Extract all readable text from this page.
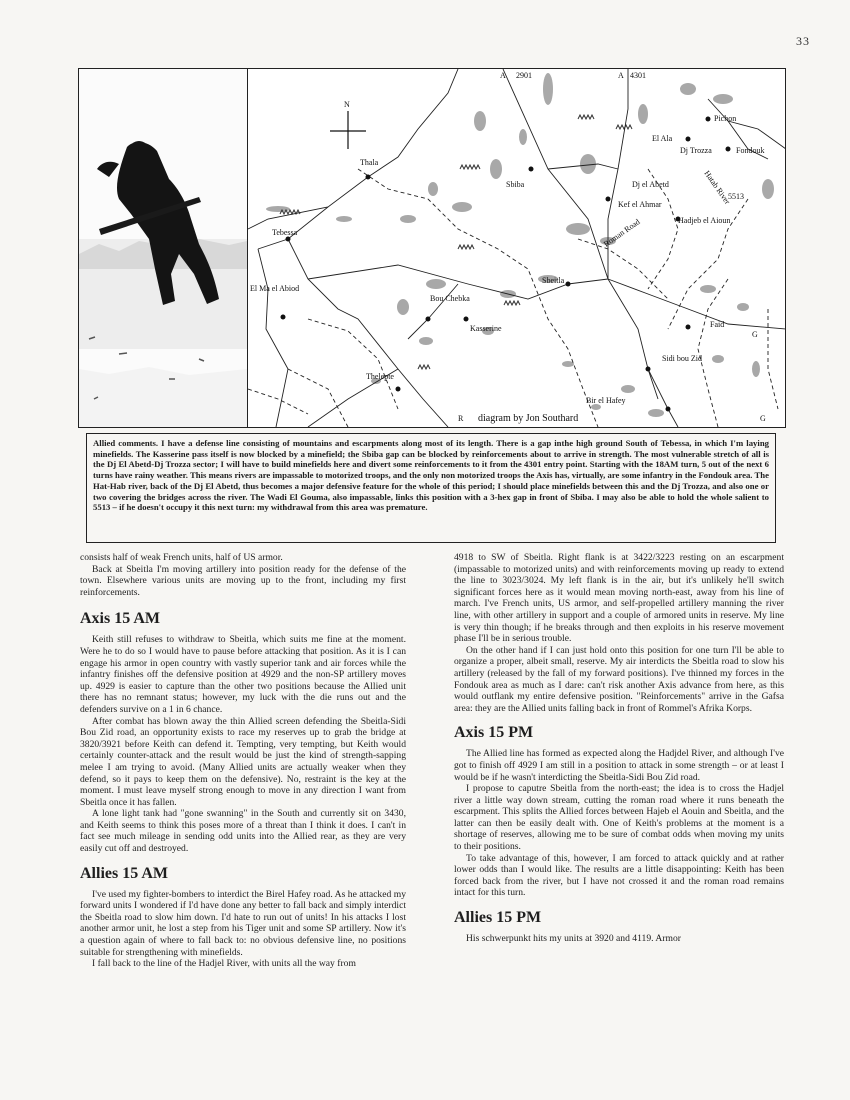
33
N
A 2901	A 4301
G
R	G
Pichon
El Ala
Dj Trozza	Fondouk
Thala
Sbiba	Dj el Abetd
5513
Kef el Ahmar
Hadjeb el Aioun
Roman Road
Hatab River
Tebessa
Sbeitla
El Ma el Abiod
Bou Chebka
Kasserine	Faid
Sidi bou Zid
Thelepte
Bir el Hafey
diagram by Jon Southard

Allied comments. I have a defense line consisting of mountains and escarpments along most of its length. There is a gap inthe high ground South of Tebessa, in which I'm laying minefields. The Kasserine pass itself is now blocked by a minefield; the Sbiba gap can be blocked by reinforcements about to arrive in strength. The most vulnerable stretch of all is the Dj El Abetd-Dj Trozza sector; I will have to build minefields here and divert some reinforcements to it from the 4301 entry point. Starting with the 18AM turn, 5 out of the next 6 turns have rainy weather. This means rivers are impassable to motorized troops, and the only non motorized troops the Axis has, virtually, are some infantry in the Fondouk area. The Hat-Hab river, back of the Dj El Abetd, thus becomes a major defensive feature for the whole of this period; I should place minefields between this and the Dj Trozza, and also one or two covering the bridges across the river. The Wadi El Gouma, also impassable, links this position with a 3-hex gap in front of Sbiba. I may also be able to hold the whole salient to 5513 – if he doesn't occupy it this next turn: my withdrawal from this area was premature.

consists half of weak French units, half of US armor.

Back at Sbeitla I'm moving artillery into position ready for the defense of the town. Elsewhere various units are moving up to the front, including my first reinforcements.

Axis 15 AM

Keith still refuses to withdraw to Sbeitla, which suits me fine at the moment. Were he to do so I would have to pause before attacking that position. As it is I can engage his armor in open country with vastly superior tank and air forces while the infantry finishes off the defensive position at 4929 and the non-SP artillery moves up. 4929 is easier to capture than the other two positions because the Allied unit there has no remnant status; however, my luck with the die runs out and the defenders survive on a 1 in 6 chance.

After combat has blown away the thin Allied screen defending the Sbeitla-Sidi Bou Zid road, an opportunity exists to race my reserves up to grab the bridge at 3820/3921 before Keith can defend it. Tempting, very tempting, but Keith would certainly counter-attack and the result would be just the kind of strength-sapping melee I am trying to avoid. (Many Allied units are actually weaker when they defend, so it pays to keep them on the defensive). No, restraint is the key at the moment. I must leave myself strong enough to move in any direction I want from Sbeitla once it has fallen.

A lone light tank had "gone swanning" in the South and currently sit on 3430, and Keith seems to think this poses more of a threat than I think it does. I can't in fact see much mileage in sending odd units into the Allied rear, as they are very easily cut off and destroyed.

Allies 15 AM

I've used my fighter-bombers to interdict the Birel Hafey road. As he attacked my forward units I wondered if I'd have done any better to fall back and simply interdict the Sbeitla road to slow him down. I'd hate to run out of units! In his attacks I lost another armor unit, he lost a step from his Tiger unit and some SP artillery. Now it's a question again of where to fall back to: no obvious defensive line, no positions suitable for strengthening with minefields.

I fall back to the line of the Hadjel River, with units all the way from

4918 to SW of Sbeitla. Right flank is at 3422/3223 resting on an escarpment (impassable to motorized units) and with reinforcements moving up ready to extend the line to 3023/3024. My left flank is in the air, but it's unlikely he'll switch significant forces here as it would mean moving north-east, away from his line of march. I've French units, US armor, and self-propelled artillery manning the river line, with other artillery in support and a couple of armored units in reserve. My line is very thin though; if he breaks through and then exploits in his reserve movement phase I'll be in serious trouble.

On the other hand if I can just hold onto this position for one turn I'll be able to organize a proper, albeit small, reserve. My air interdicts the Sbeitla road to slow his artillery (released by the fall of my forward positions). I've thinned my forces in the Fondouk area as much as I dare: can't risk another Axis advance from here, as this would outflank my entire defensive position. "Reinforcements" arrive in the Gafsa area: they are the Allied units falling back in front of Rommel's Afrika Korps.

Axis 15 PM

The Allied line has formed as expected along the Hadjdel River, and although I've got to finish off 4929 I am still in a position to attack in some strength – or at least I would be if he wasn't interdicting the Sbeitla-Sidi Bou Zid road.

I propose to caputre Sbeitla from the north-east; the idea is to cross the Hadjel river a little way down stream, cutting the roman road where it runs beneath the escarpment. This splits the Allied forces between Hajeb el Aouin and Sbeitla, and the latter can then be easily dealt with. One of Keith's problems at the moment is a shortage of reserves, allowing me to be sure of combat odds when moving my units to their positions.

To take advantage of this, however, I am forced to attack quickly and at rather lower odds than I would like. The results are a little disappointing: Keith has been forced back from the river, but I have not crossed it and the roman road remains intact for this turn.

Allies 15 PM

His schwerpunkt hits my units at 3920 and 4119. Armor
